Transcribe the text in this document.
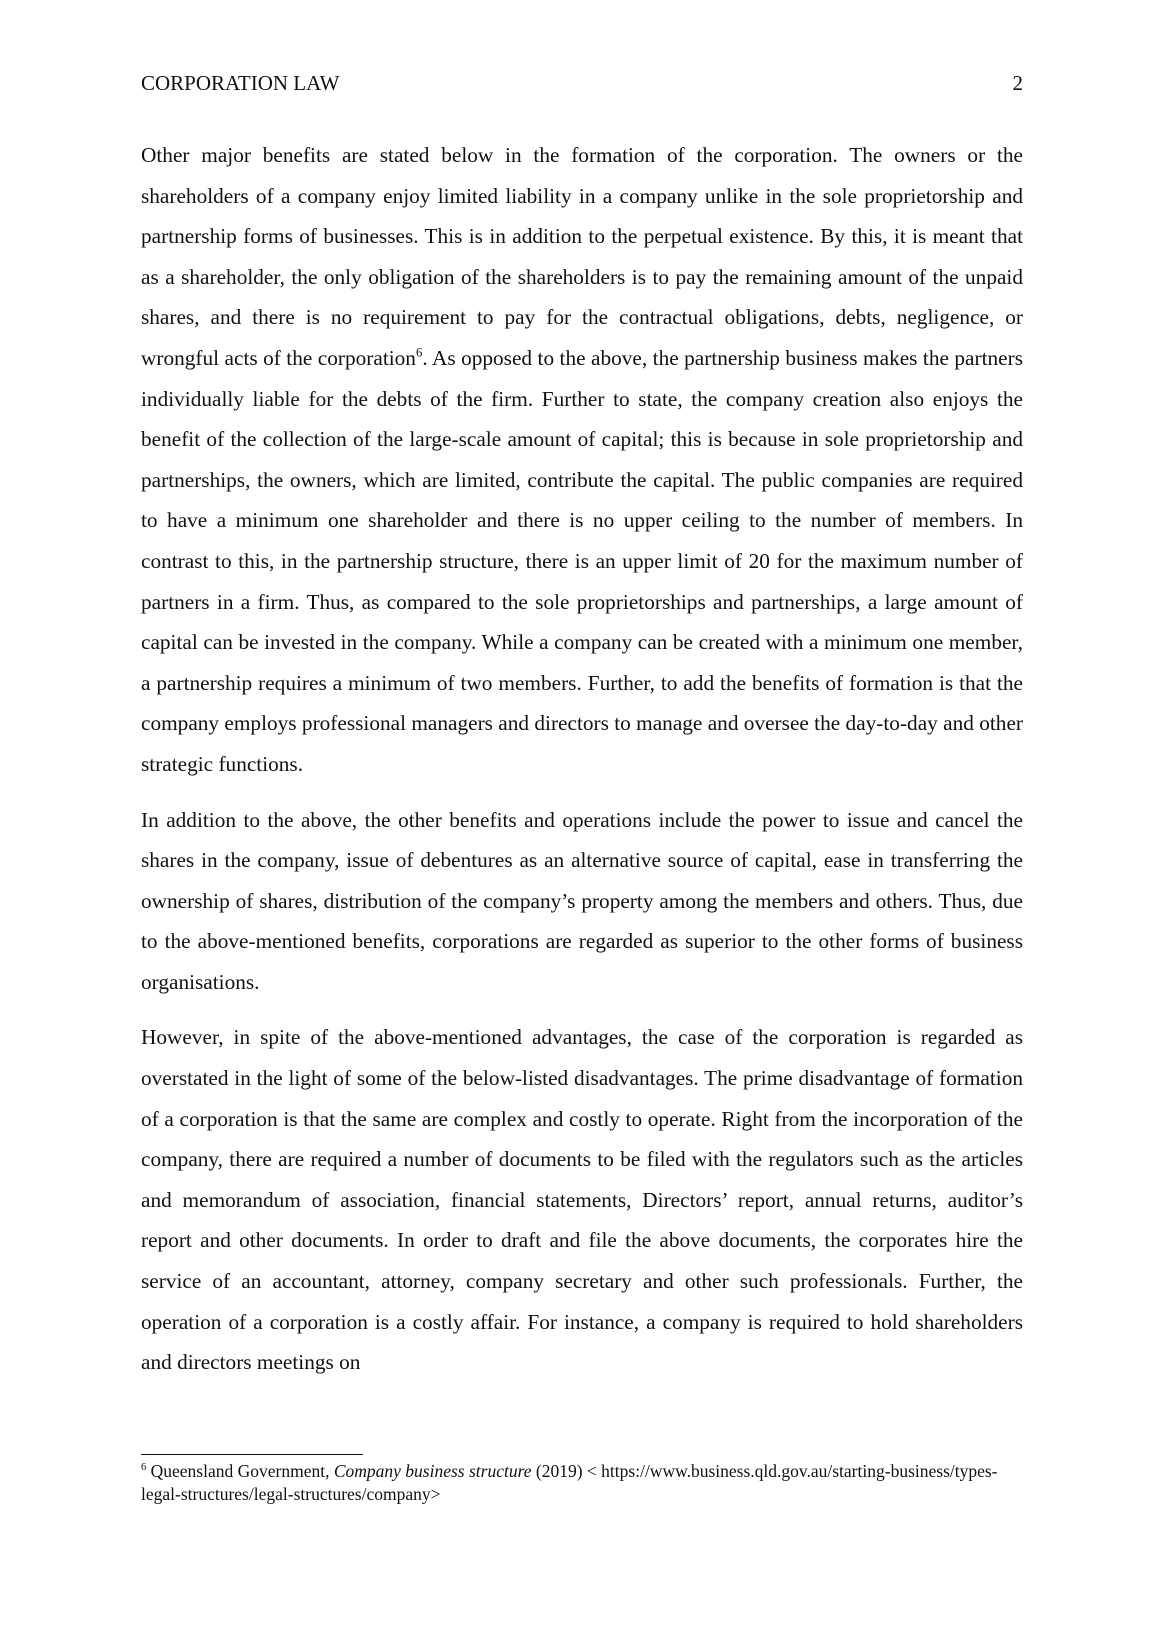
CORPORATION LAW	2

Other major benefits are stated below in the formation of the corporation. The owners or the shareholders of a company enjoy limited liability in a company unlike in the sole proprietorship and partnership forms of businesses. This is in addition to the perpetual existence. By this, it is meant that as a shareholder, the only obligation of the shareholders is to pay the remaining amount of the unpaid shares, and there is no requirement to pay for the contractual obligations, debts, negligence, or wrongful acts of the corporation$^6$. As opposed to the above, the partnership business makes the partners individually liable for the debts of the firm. Further to state, the company creation also enjoys the benefit of the collection of the large-scale amount of capital; this is because in sole proprietorship and partnerships, the owners, which are limited, contribute the capital. The public companies are required to have a minimum one shareholder and there is no upper ceiling to the number of members. In contrast to this, in the partnership structure, there is an upper limit of 20 for the maximum number of partners in a firm. Thus, as compared to the sole proprietorships and partnerships, a large amount of capital can be invested in the company. While a company can be created with a minimum one member, a partnership requires a minimum of two members. Further, to add the benefits of formation is that the company employs professional managers and directors to manage and oversee the day-to-day and other strategic functions.

In addition to the above, the other benefits and operations include the power to issue and cancel the shares in the company, issue of debentures as an alternative source of capital, ease in transferring the ownership of shares, distribution of the company’s property among the members and others. Thus, due to the above-mentioned benefits, corporations are regarded as superior to the other forms of business organisations.

However, in spite of the above-mentioned advantages, the case of the corporation is regarded as overstated in the light of some of the below-listed disadvantages. The prime disadvantage of formation of a corporation is that the same are complex and costly to operate. Right from the incorporation of the company, there are required a number of documents to be filed with the regulators such as the articles and memorandum of association, financial statements, Directors’ report, annual returns, auditor’s report and other documents. In order to draft and file the above documents, the corporates hire the service of an accountant, attorney, company secretary and other such professionals. Further, the operation of a corporation is a costly affair. For instance, a company is required to hold shareholders and directors meetings on

$^6$ Queensland Government, Company business structure (2019) < https://www.business.qld.gov.au/starting-business/types-legal-structures/legal-structures/company>
